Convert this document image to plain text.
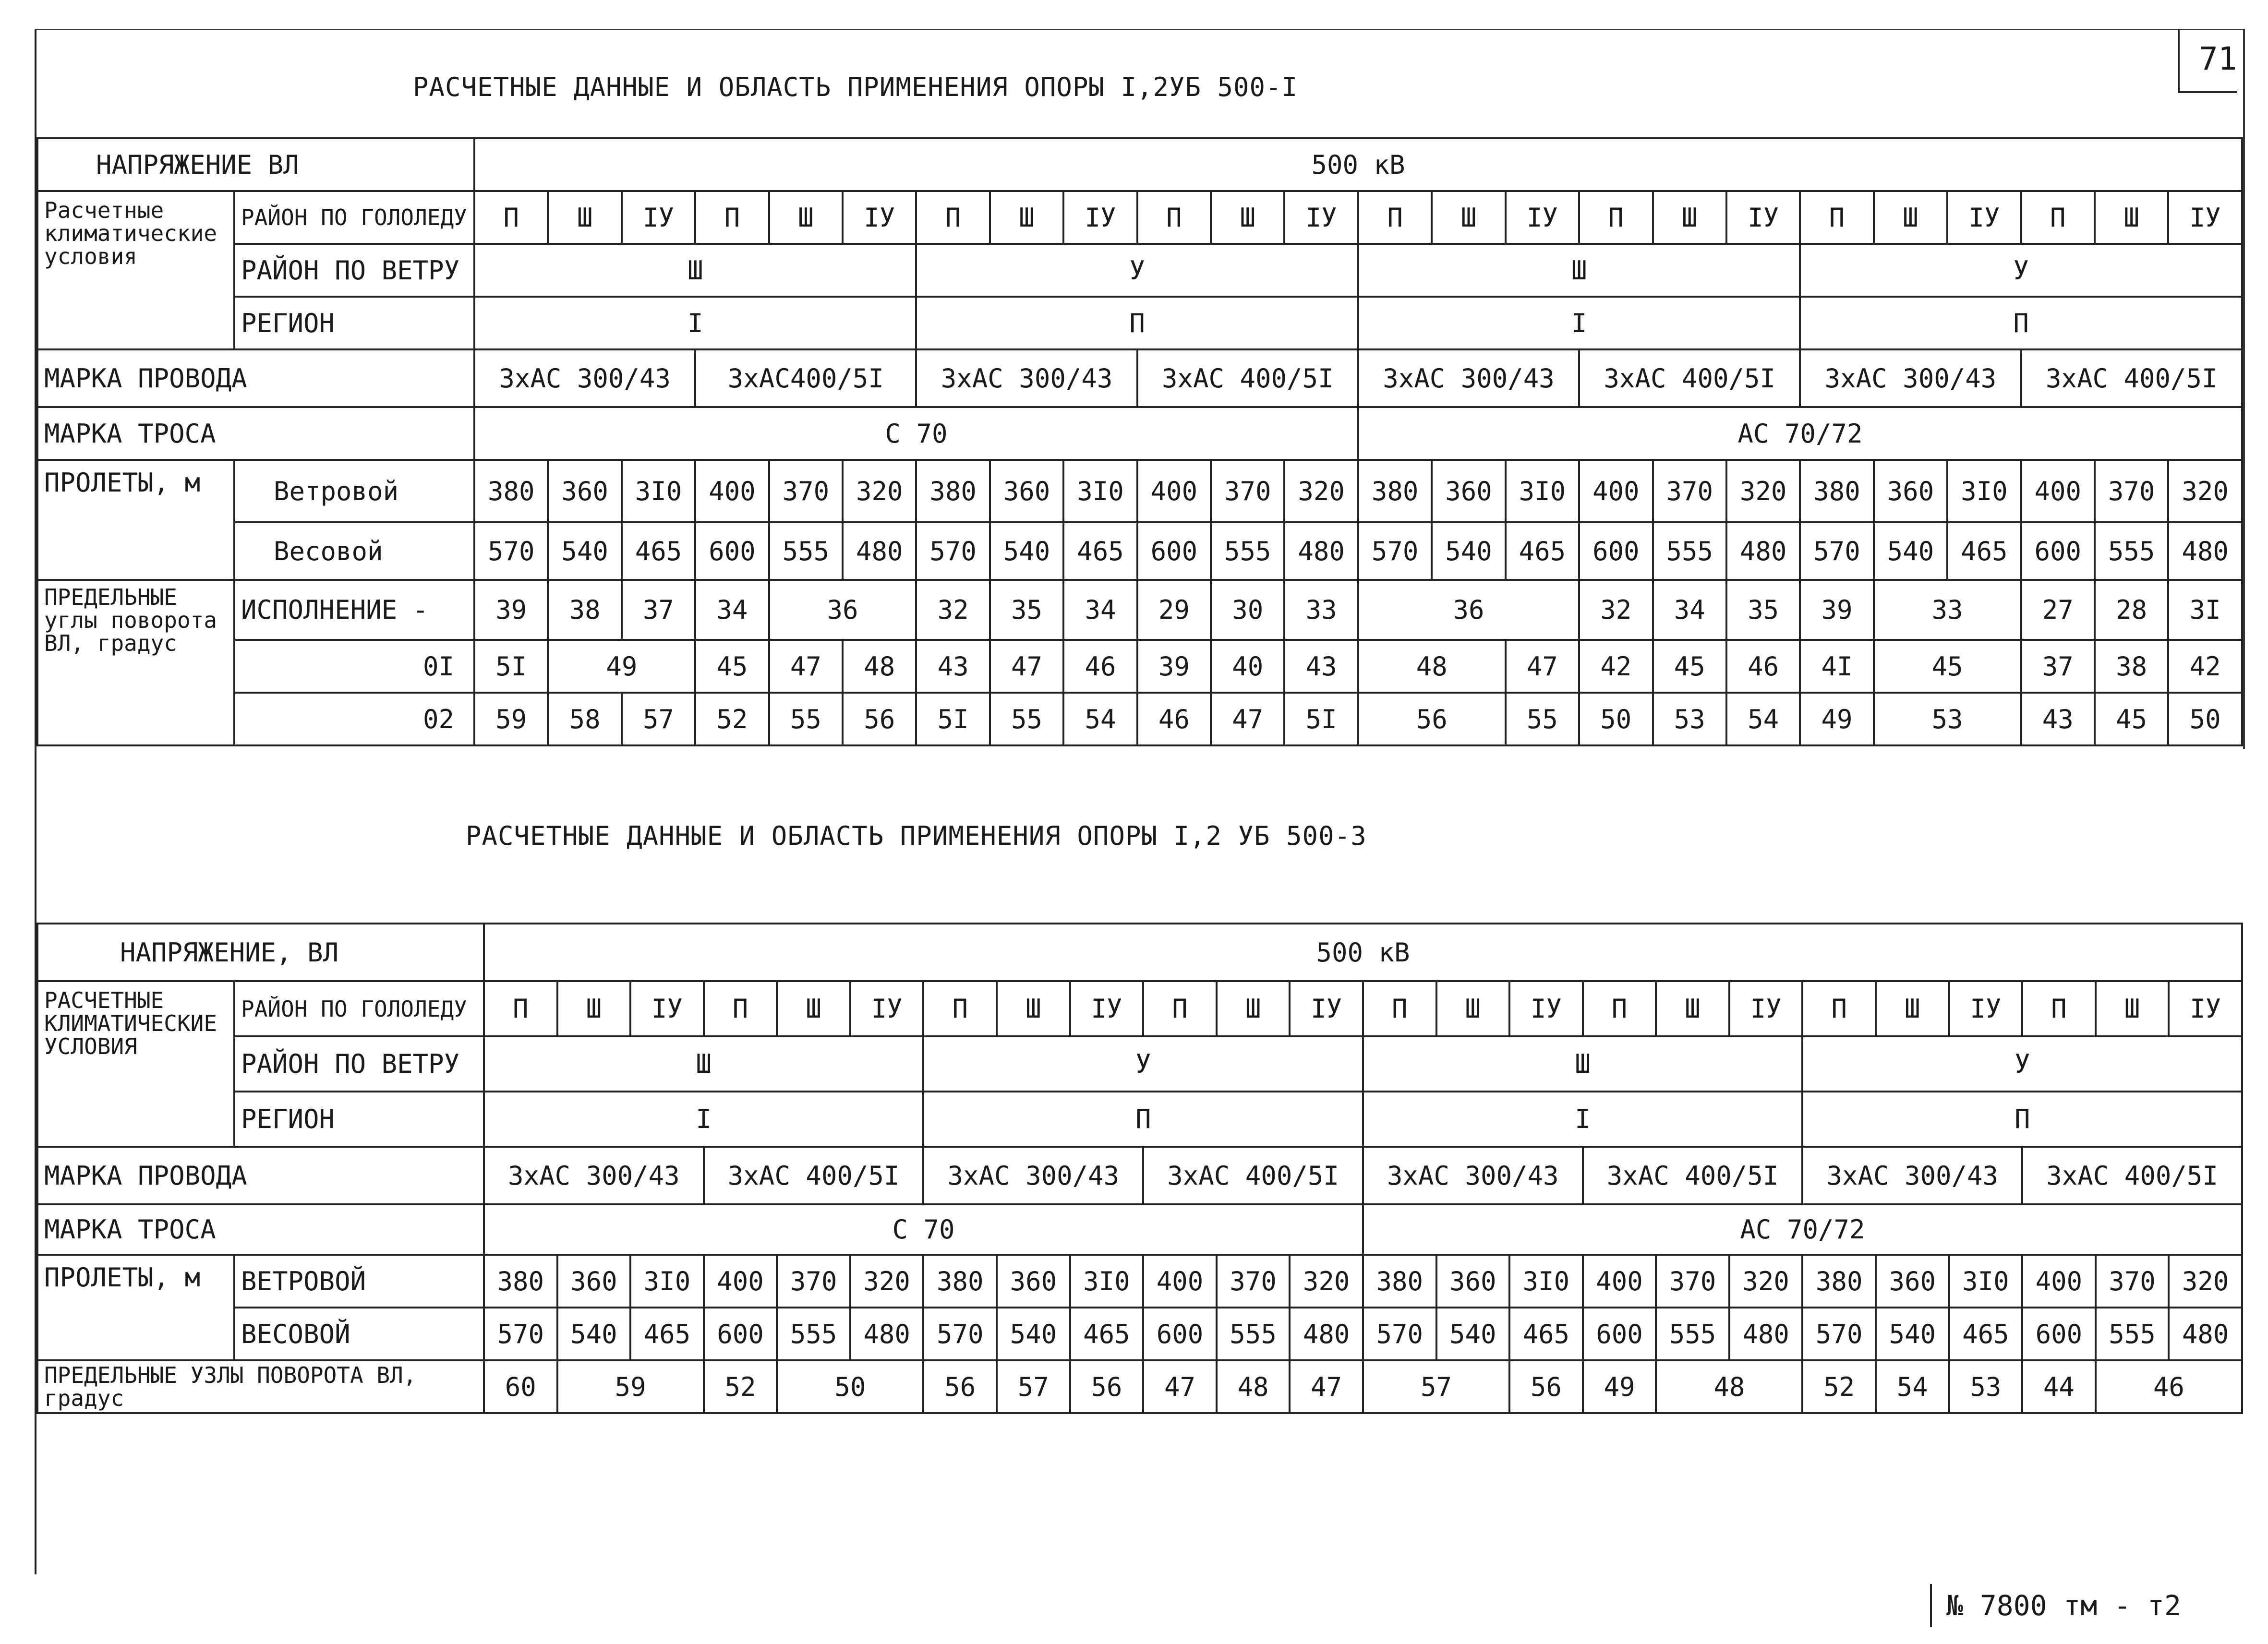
71
РАСЧЕТНЫЕ ДАННЫЕ И ОБЛАСТЬ ПРИМЕНЕНИЯ ОПОРЫ I,2УБ 500-I
НАПРЯЖЕНИЕ ВЛ		500 кВ																							
Расчетные климатические условия	РАЙОН ПО ГОЛОЛЕДУ	П	Ш	IУ	П	Ш	IУ	П	Ш	IУ	П	Ш	IУ	П	Ш	IУ	П	Ш	IУ	П	Ш	IУ	П	Ш	IУ
	РАЙОН ПО ВЕТРУ	Ш						У						Ш						У					
	РЕГИОН	I						П						I						П					
МАРКА ПРОВОДА		3хАС 300/43			3хАС400/5I			3хАС 300/43			3хАС 400/5I			3хАС 300/43			3хАС 400/5I			3хАС 300/43			3хАС 400/5I		
МАРКА ТРОСА		С 70												АС 70/72											
ПРОЛЕТЫ, м	Ветровой	380	360	3I0	400	370	320	380	360	3I0	400	370	320	380	360	3I0	400	370	320	380	360	3I0	400	370	320
	Весовой	570	540	465	600	555	480	570	540	465	600	555	480	570	540	465	600	555	480	570	540	465	600	555	480
ПРЕДЕЛЬНЫЕ углы поворота ВЛ, градус	ИСПОЛНЕНИЕ -	39	38	37	34	36		32	35	34	29	30	33	36			32	34	35	39	33		27	28	3I
	0I	5I	49		45	47	48	43	47	46	39	40	43	48		47	42	45	46	4I	45		37	38	42
	02	59	58	57	52	55	56	5I	55	54	46	47	5I	56		55	50	53	54	49	53		43	45	50
РАСЧЕТНЫЕ ДАННЫЕ И ОБЛАСТЬ ПРИМЕНЕНИЯ ОПОРЫ I,2 УБ 500-3
НАПРЯЖЕНИЕ, ВЛ		500 кВ																							
РАСЧЕТНЫЕ КЛИМАТИЧЕСКИЕ УСЛОВИЯ	РАЙОН ПО ГОЛОЛЕДУ	П	Ш	IУ	П	Ш	IУ	П	Ш	IУ	П	Ш	IУ	П	Ш	IУ	П	Ш	IУ	П	Ш	IУ	П	Ш	IУ
	РАЙОН ПО ВЕТРУ	Ш						У						Ш						У					
	РЕГИОН	I						П						I						П					
МАРКА ПРОВОДА		3хАС 300/43			3хАС 400/5I			3хАС 300/43			3хАС 400/5I			3хАС 300/43			3хАС 400/5I			3хАС 300/43			3хАС 400/5I		
МАРКА ТРОСА		С 70												АС 70/72											
ПРОЛЕТЫ, м	ВЕТРОВОЙ	380	360	3I0	400	370	320	380	360	3I0	400	370	320	380	360	3I0	400	370	320	380	360	3I0	400	370	320
	ВЕСОВОЙ	570	540	465	600	555	480	570	540	465	600	555	480	570	540	465	600	555	480	570	540	465	600	555	480
ПРЕДЕЛЬНЫЕ УЗЛЫ ПОВОРОТА ВЛ, градус		60	59		52	50		56	57	56	47	48	47	57		56	49	48		52	54	53	44	46	
№ 7800 тм - т2
